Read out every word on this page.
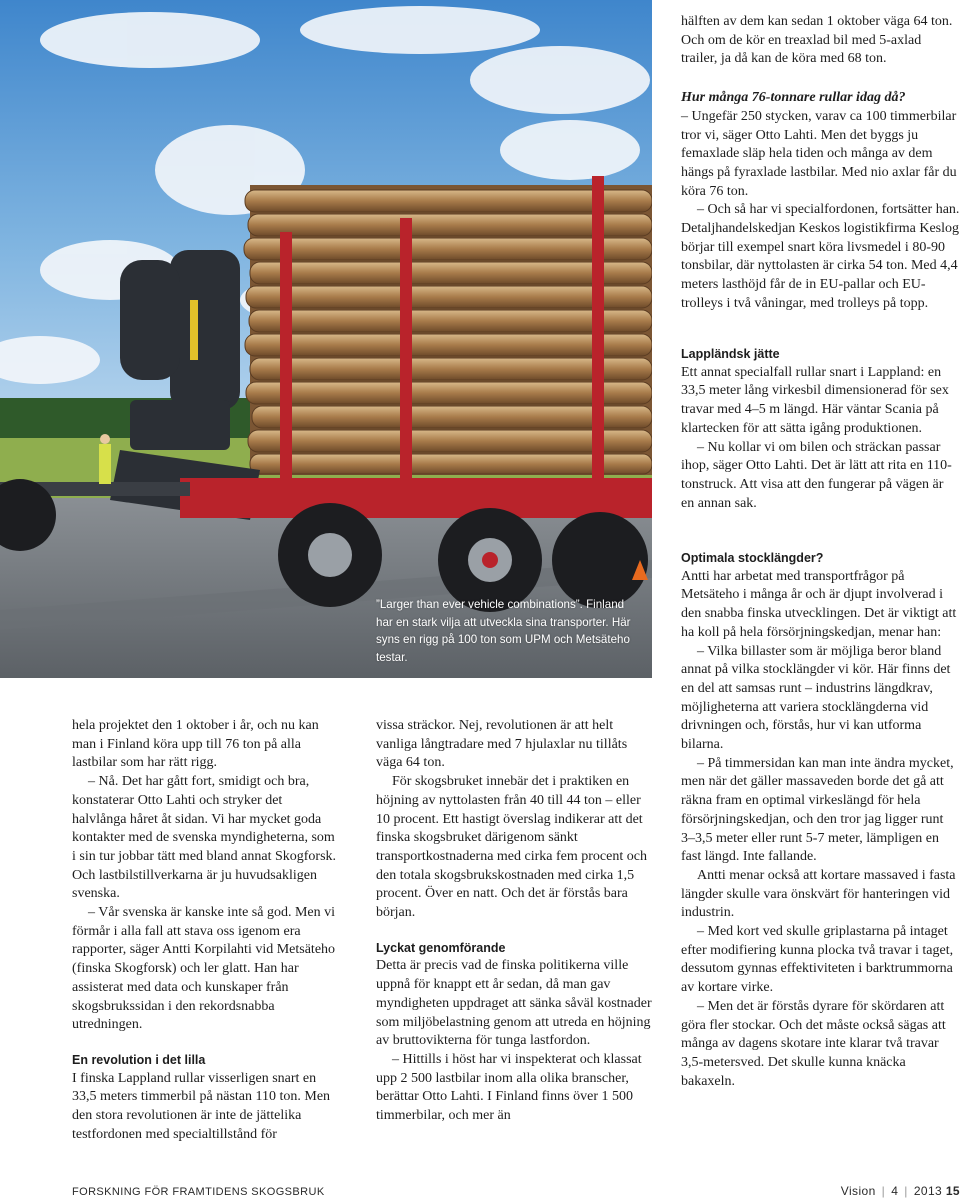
”Larger than ever vehicle combinations”. Finland har en stark vilja att utveckla sina transporter. Här syns en rigg på 100 ton som UPM och Metsäteho testar.

hälften av dem kan sedan 1 oktober väga 64 ton. Och om de kör en treaxlad bil med 5-axlad trailer, ja då kan de köra med 68 ton.

Hur många 76-tonnare rullar idag då?

– Ungefär 250 stycken, varav ca 100 timmerbilar tror vi, säger Otto Lahti. Men det byggs ju femaxlade släp hela tiden och många av dem hängs på fyraxlade lastbilar. Med nio axlar får du köra 76 ton.

– Och så har vi specialfordonen, fortsätter han. Detaljhandelskedjan Keskos logistikfirma Keslog börjar till exempel snart köra livsmedel i 80-90 tonsbilar, där nyttolasten är cirka 54 ton. Med 4,4 meters lasthöjd får de in EU-pallar och EU-trolleys i två våningar, med trolleys på topp.

Lappländsk jätte

Ett annat specialfall rullar snart i Lappland: en 33,5 meter lång virkesbil dimensionerad för sex travar med 4–5 m längd. Här väntar Scania på klartecken för att sätta igång produktionen.

– Nu kollar vi om bilen och sträckan passar ihop, säger Otto Lahti. Det är lätt att rita en 110-tonstruck. Att visa att den fungerar på vägen är en annan sak.

Optimala stocklängder?

Antti har arbetat med transportfrågor på Metsäteho i många år och är djupt involverad i den snabba finska utvecklingen. Det är viktigt att ha koll på hela försörjningskedjan, menar han:

– Vilka billaster som är möjliga beror bland annat på vilka stocklängder vi kör. Här finns det en del att samsas runt – industrins längdkrav, möjligheterna att variera stocklängderna vid drivningen och, förstås, hur vi kan utforma bilarna.

– På timmersidan kan man inte ändra mycket, men när det gäller massaveden borde det gå att räkna fram en optimal virkeslängd för hela försörjningskedjan, och den tror jag ligger runt 3–3,5 meter eller runt 5-7 meter, lämpligen en fast längd. Inte fallande.

Antti menar också att kortare massaved i fasta längder skulle vara önskvärt för hanteringen vid industrin.

– Med kort ved skulle griplastarna på intaget efter modifiering kunna plocka två travar i taget, dessutom gynnas effektiviteten i barktrummorna av kortare virke.

– Men det är förstås dyrare för skördaren att göra fler stockar. Och det måste också sägas att många av dagens skotare inte klarar två travar 3,5-metersved. Det skulle kunna knäcka bakaxeln.

hela projektet den 1 oktober i år, och nu kan man i Finland köra upp till 76 ton på alla lastbilar som har rätt rigg.

– Nå. Det har gått fort, smidigt och bra, konstaterar Otto Lahti och stryker det halvlånga håret åt sidan. Vi har mycket goda kontakter med de svenska myndigheterna, som i sin tur jobbar tätt med bland annat Skogforsk. Och lastbilstillverkarna är ju huvudsakligen svenska.

– Vår svenska är kanske inte så god. Men vi förmår i alla fall att stava oss igenom era rapporter, säger Antti Korpilahti vid Metsäteho (finska Skogforsk) och ler glatt. Han har assisterat med data och kunskaper från skogsbrukssidan i den rekordsnabba utredningen.

En revolution i det lilla

I finska Lappland rullar visserligen snart en 33,5 meters timmerbil på nästan 110 ton. Men den stora revolutionen är inte de jättelika testfordonen med specialtillstånd för

vissa sträckor. Nej, revolutionen är att helt vanliga långtradare med 7 hjulaxlar nu tillåts väga 64 ton.

För skogsbruket innebär det i praktiken en höjning av nyttolasten från 40 till 44 ton – eller 10 procent. Ett hastigt överslag indikerar att det finska skogsbruket därigenom sänkt transportkostnaderna med cirka fem procent och den totala skogsbrukskostnaden med cirka 1,5 procent. Över en natt. Och det är förstås bara början.

Lyckat genomförande

Detta är precis vad de finska politikerna ville uppnå för knappt ett år sedan, då man gav myndigheten uppdraget att sänka såväl kostnader som miljöbelastning genom att utreda en höjning av bruttovikterna för tunga lastfordon.

– Hittills i höst har vi inspekterat och klassat upp 2 500 lastbilar inom alla olika branscher, berättar Otto Lahti. I Finland finns över 1 500 timmerbilar, och mer än

FORSKNING FÖR FRAMTIDENS SKOGSBRUK	Vision | 4 | 2013 15
